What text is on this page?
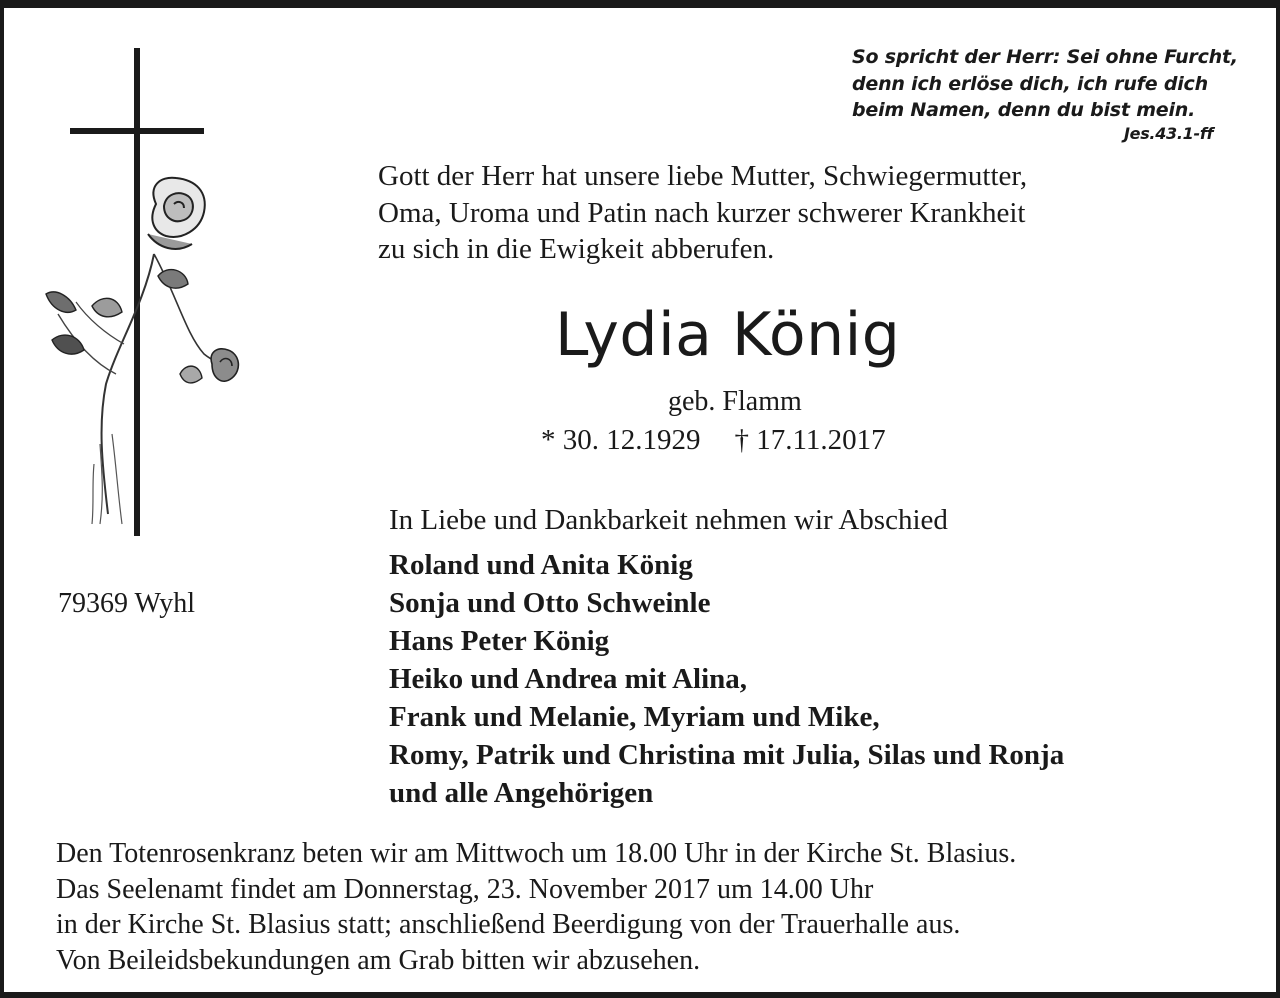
So spricht der Herr: Sei ohne Furcht,
denn ich erlöse dich, ich rufe dich
beim Namen, denn du bist mein.
Jes.43.1-ff
Gott der Herr hat unsere liebe Mutter, Schwiegermutter,
Oma, Uroma und Patin nach kurzer schwerer Krankheit
zu sich in die Ewigkeit abberufen.
Lydia König
geb. Flamm
* 30. 12.1929 † 17.11.2017
In Liebe und Dankbarkeit nehmen wir Abschied
Roland und Anita König
Sonja und Otto Schweinle
Hans Peter König
Heiko und Andrea mit Alina,
Frank und Melanie, Myriam und Mike,
Romy, Patrik und Christina mit Julia, Silas und Ronja
und alle Angehörigen
79369 Wyhl
Den Totenrosenkranz beten wir am Mittwoch um 18.00 Uhr in der Kirche St. Blasius.
Das Seelenamt findet am Donnerstag, 23. November 2017 um 14.00 Uhr
in der Kirche St. Blasius statt; anschließend Beerdigung von der Trauerhalle aus.
Von Beileidsbekundungen am Grab bitten wir abzusehen.
